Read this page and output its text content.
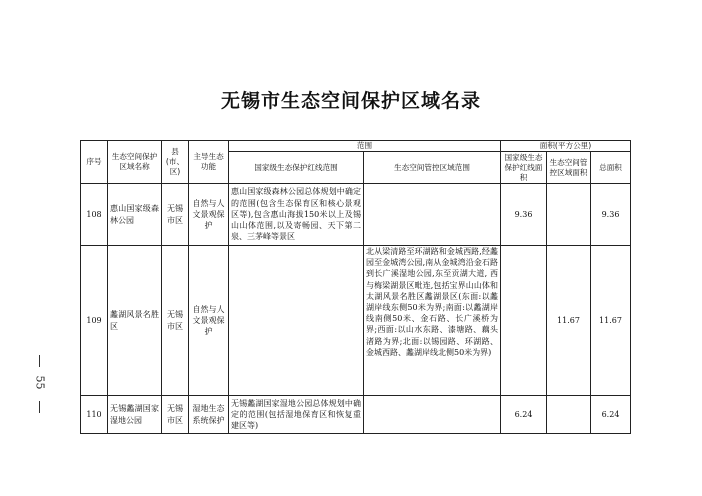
无锡市生态空间保护区域名录
55
序号	生态空间保护区域名称	县(市、区)	主导生态功能	范围		面积(平方公里)		
				国家级生态保护红线范围	生态空间管控区域范围	国家级生态保护红线面积	生态空间管控区域面积	总面积
108	惠山国家级森林公园	无锡市区	自然与人文景观保护	惠山国家级森林公园总体规划中确定的范围(包含生态保育区和核心景观区等),包含惠山海拔150米以上及锡山山体范围,以及寄畅园、天下第二泉、三茅峰等景区		9.36		9.36
109	蠡湖风景名胜区	无锡市区	自然与人文景观保护		北从梁清路至环湖路和金城西路,经蠡园至金城湾公园,南从金城湾沿金石路到长广溪湿地公园,东至贡湖大道, 西与梅梁湖景区毗连,包括宝界山山体和太湖风景名胜区蠡湖景区(东面:以蠡湖岸线东侧50米为界;南面:以蠡湖岸线南侧50米、金石路、长广溪桥为界;西面:以山水东路、漆塘路、藕头渚路为界;北面:以锡园路、环湖路、金城西路、蠡湖岸线北侧50米为界)		11.67	11.67
110	无锡蠡湖国家湿地公园	无锡市区	湿地生态系统保护	无锡蠡湖国家湿地公园总体规划中确定的范围(包括湿地保育区和恢复重建区等)		6.24		6.24
